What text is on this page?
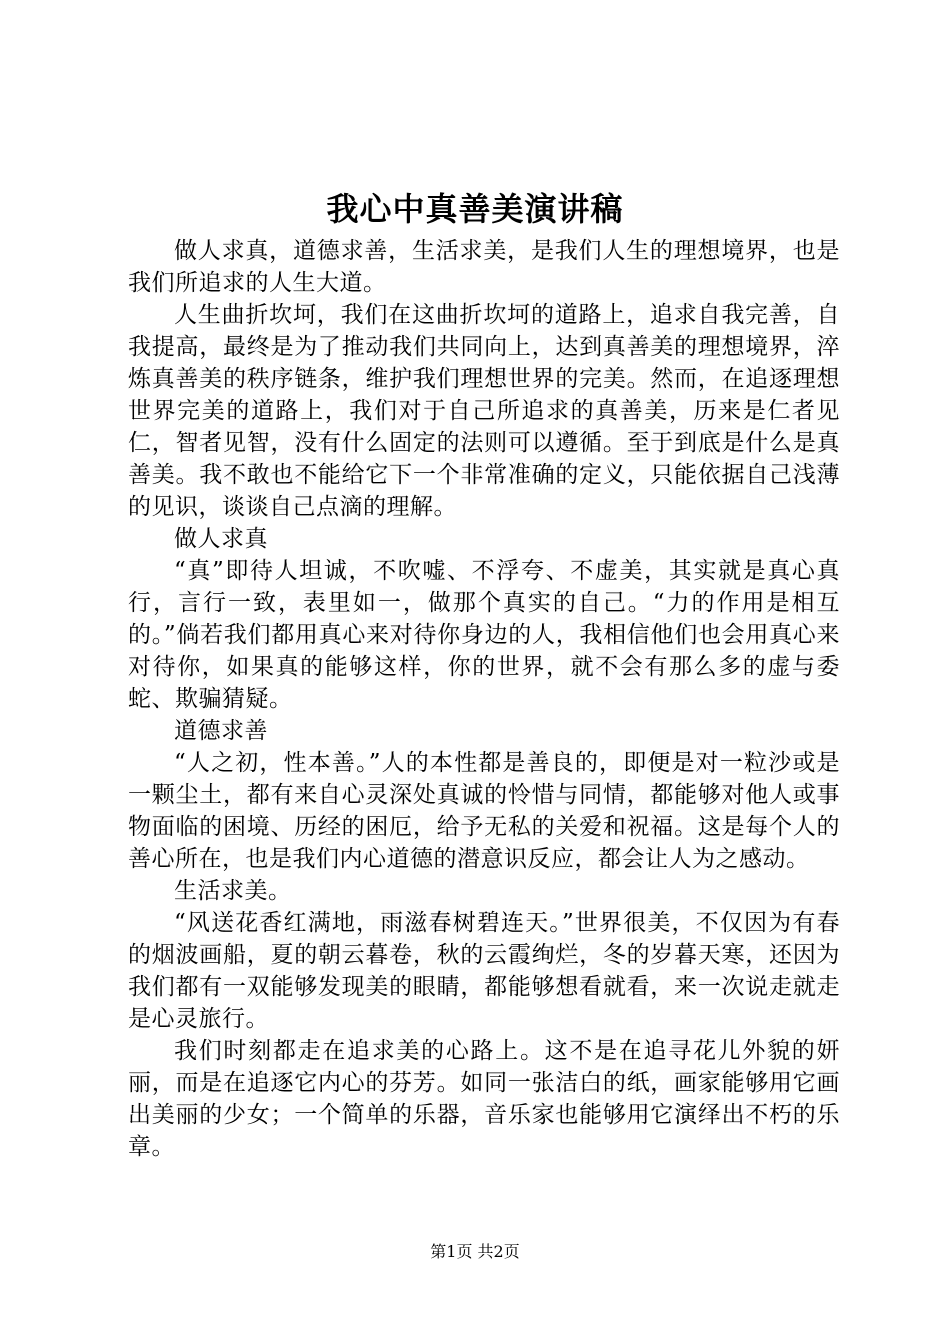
我心中真善美演讲稿

做人求真，道德求善，生活求美，是我们人生的理想境界，也是我们所追求的人生大道。

人生曲折坎坷，我们在这曲折坎坷的道路上，追求自我完善，自我提高，最终是为了推动我们共同向上，达到真善美的理想境界，淬炼真善美的秩序链条，维护我们理想世界的完美。然而，在追逐理想世界完美的道路上，我们对于自己所追求的真善美，历来是仁者见仁，智者见智，没有什么固定的法则可以遵循。至于到底是什么是真善美。我不敢也不能给它下一个非常准确的定义，只能依据自己浅薄的见识，谈谈自己点滴的理解。

做人求真

“真”即待人坦诚，不吹嘘、不浮夸、不虚美，其实就是真心真行，言行一致，表里如一，做那个真实的自己。“力的作用是相互的。”倘若我们都用真心来对待你身边的人，我相信他们也会用真心来对待你，如果真的能够这样，你的世界，就不会有那么多的虚与委蛇、欺骗猜疑。

道德求善

“人之初，性本善。”人的本性都是善良的，即便是对一粒沙或是一颗尘土，都有来自心灵深处真诚的怜惜与同情，都能够对他人或事物面临的困境、历经的困厄，给予无私的关爱和祝福。这是每个人的善心所在，也是我们内心道德的潜意识反应，都会让人为之感动。

生活求美。

“风送花香红满地，雨滋春树碧连天。”世界很美，不仅因为有春的烟波画船，夏的朝云暮卷，秋的云霞绚烂，冬的岁暮天寒，还因为我们都有一双能够发现美的眼睛，都能够想看就看，来一次说走就走是心灵旅行。

我们时刻都走在追求美的心路上。这不是在追寻花儿外貌的妍丽，而是在追逐它内心的芬芳。如同一张洁白的纸，画家能够用它画出美丽的少女；一个简单的乐器，音乐家也能够用它演绎出不朽的乐章。

第1页 共2页
